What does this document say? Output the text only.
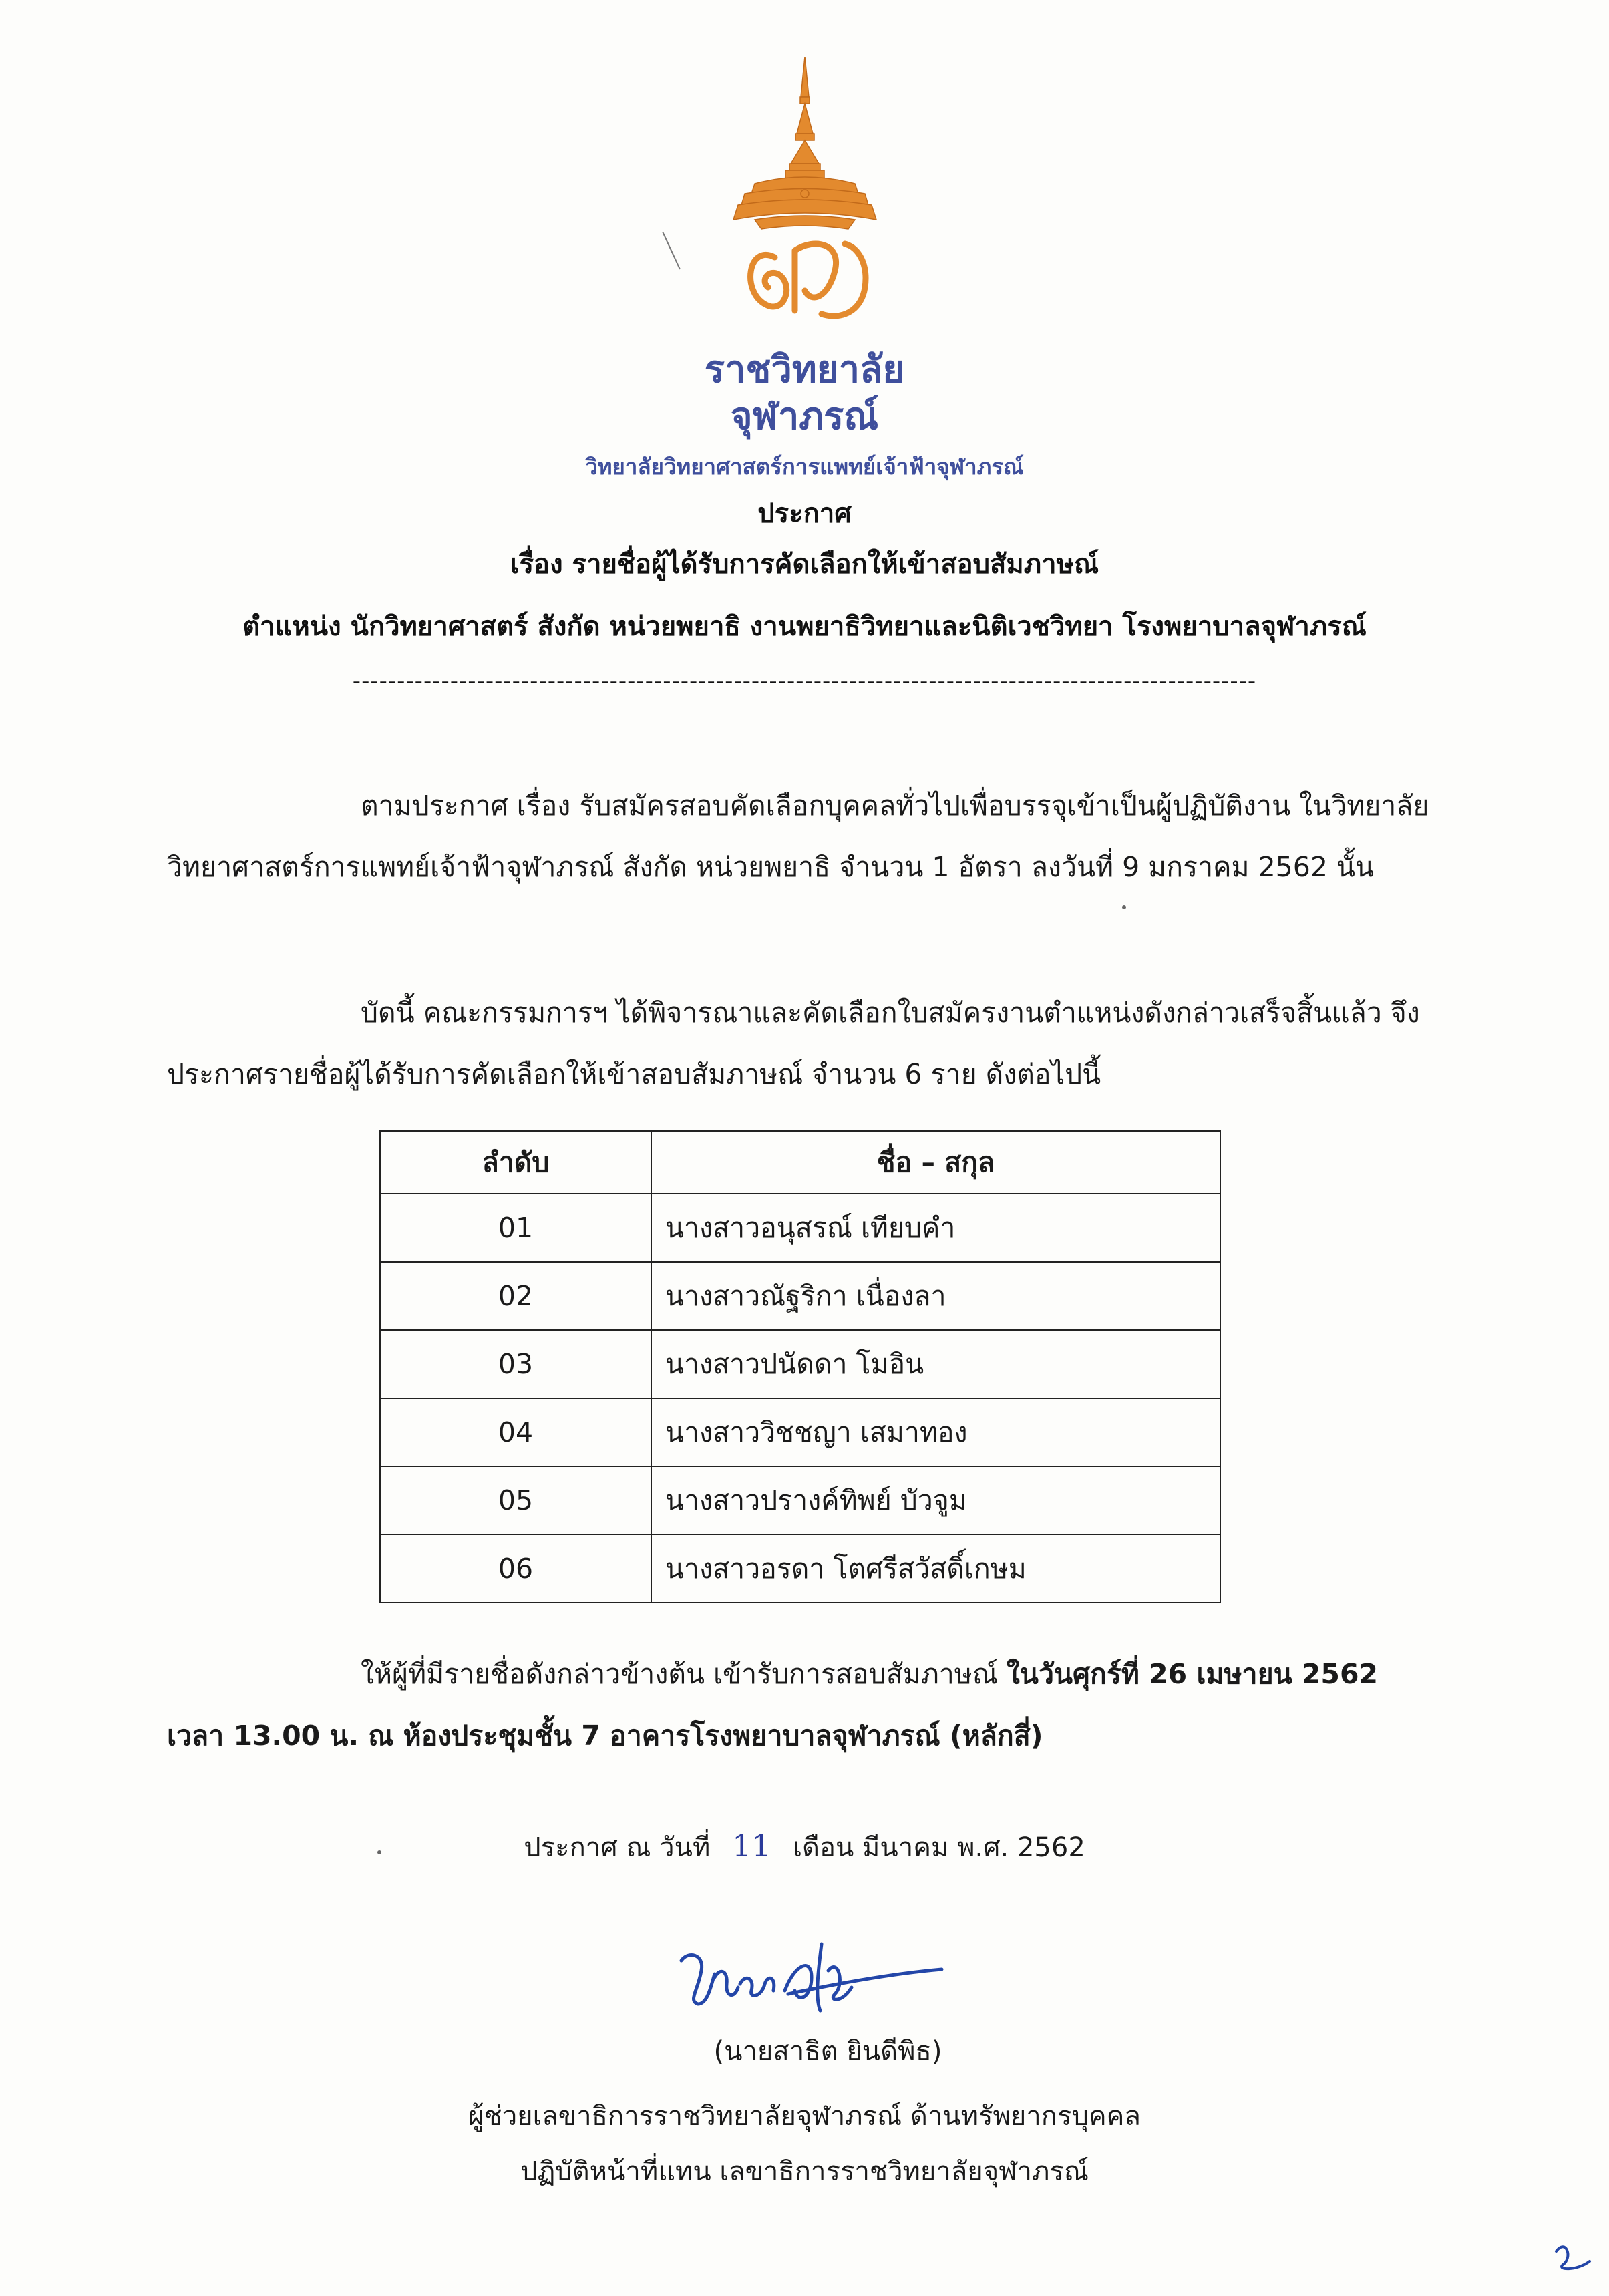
ราชวิทยาลัย
จุฬาภรณ์
วิทยาลัยวิทยาศาสตร์การแพทย์เจ้าฟ้าจุฬาภรณ์
ประกาศ
เรื่อง รายชื่อผู้ได้รับการคัดเลือกให้เข้าสอบสัมภาษณ์
ตำแหน่ง นักวิทยาศาสตร์ สังกัด หน่วยพยาธิ งานพยาธิวิทยาและนิติเวชวิทยา โรงพยาบาลจุฬาภรณ์
------------------------------------------------------------------------------------------------------
ตามประกาศ เรื่อง รับสมัครสอบคัดเลือกบุคคลทั่วไปเพื่อบรรจุเข้าเป็นผู้ปฏิบัติงาน ในวิทยาลัยวิทยาศาสตร์การแพทย์เจ้าฟ้าจุฬาภรณ์ สังกัด หน่วยพยาธิ จำนวน 1 อัตรา ลงวันที่ 9 มกราคม 2562 นั้น
บัดนี้ คณะกรรมการฯ ได้พิจารณาและคัดเลือกใบสมัครงานตำแหน่งดังกล่าวเสร็จสิ้นแล้ว จึงประกาศรายชื่อผู้ได้รับการคัดเลือกให้เข้าสอบสัมภาษณ์ จำนวน 6 ราย ดังต่อไปนี้
ลำดับ	ชื่อ – สกุล
01	นางสาวอนุสรณ์ เทียบคำ
02	นางสาวณัฐริกา เนื่องลา
03	นางสาวปนัดดา โมอิน
04	นางสาววิชชญา เสมาทอง
05	นางสาวปรางค์ทิพย์ บัวจูม
06	นางสาวอรดา โตศรีสวัสดิ์เกษม
ให้ผู้ที่มีรายชื่อดังกล่าวข้างต้น เข้ารับการสอบสัมภาษณ์ ในวันศุกร์ที่ 26 เมษายน 2562 เวลา 13.00 น. ณ ห้องประชุมชั้น 7 อาคารโรงพยาบาลจุฬาภรณ์ (หลักสี่)
ประกาศ ณ วันที่ 11 เดือน มีนาคม พ.ศ. 2562
(นายสาธิต ยินดีพิธ)
ผู้ช่วยเลขาธิการราชวิทยาลัยจุฬาภรณ์ ด้านทรัพยากรบุคคล
ปฏิบัติหน้าที่แทน เลขาธิการราชวิทยาลัยจุฬาภรณ์
